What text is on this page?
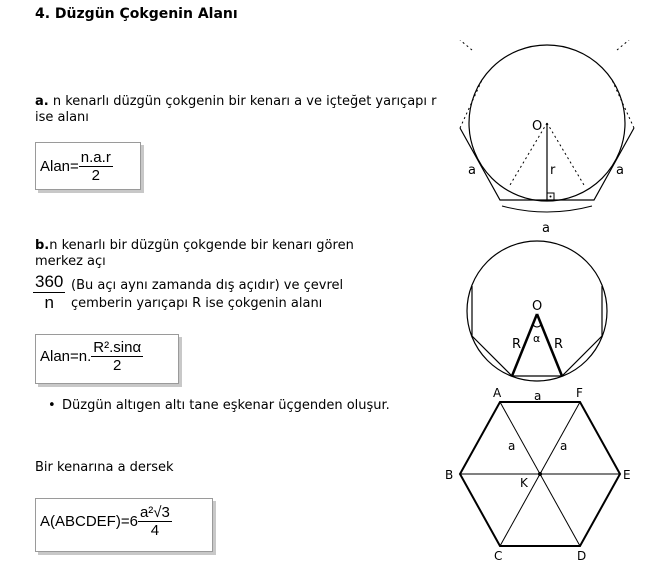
4. Düzgün Çokgenin Alanı
a. n kenarlı düzgün çokgenin bir kenarı a ve içteğet yarıçapı r ise alanı
Alan= $\frac{n.a.r}{2}$
b.n kenarlı bir düzgün çokgende bir kenarı gören
merkez açı
$\frac{360}{n} (Bu$ açı aynı zamanda dış açıdır) ve çevrel
çemberin yarıçapı R ise çokgenin alanı
Alan=n. $\frac{\text{R².sinα}}{2}$
• Düzgün altıgen altı tane eşkenar üçgenden oluşur.
Bir kenarına a dersek
A(ABCDEF)=6 $\frac{\text{a²√3}}{4}$
O
r
a	a
a
O
R	R
α
A	a	F
B	E
a	a
K
C	D
